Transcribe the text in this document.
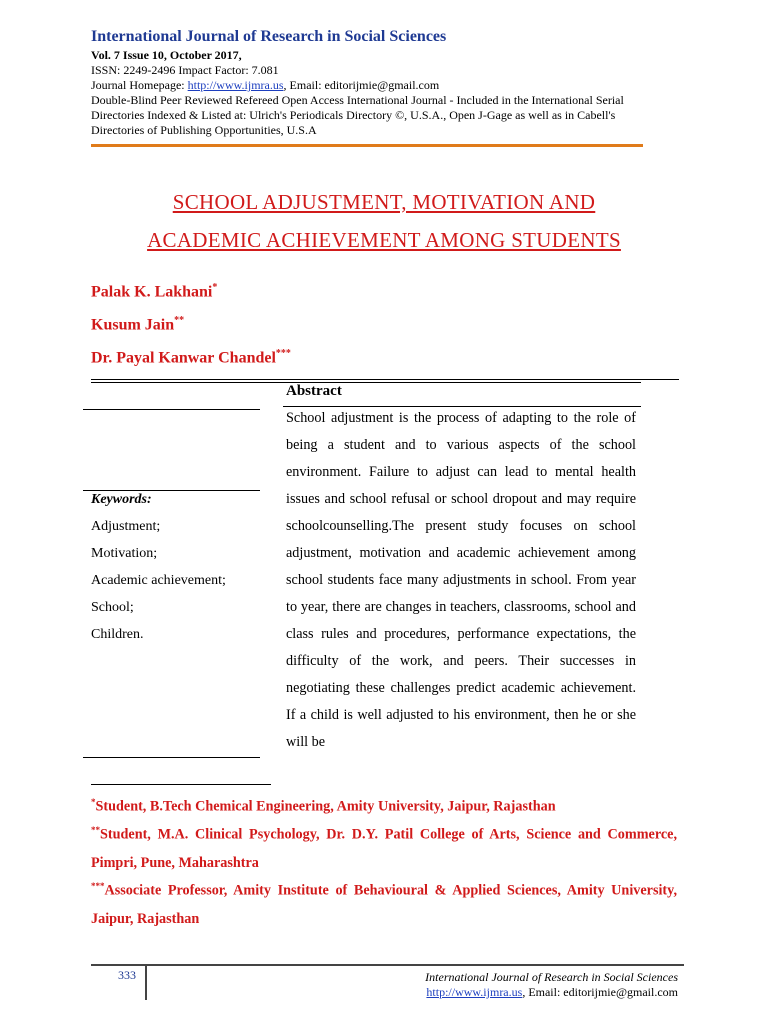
International Journal of Research in Social Sciences
Vol. 7 Issue 10, October 2017,
ISSN: 2249-2496 Impact Factor: 7.081
Journal Homepage: http://www.ijmra.us, Email: editorijmie@gmail.com
Double-Blind Peer Reviewed Refereed Open Access International Journal - Included in the International Serial
Directories Indexed & Listed at: Ulrich's Periodicals Directory ©, U.S.A., Open J-Gage as well as in Cabell's
Directories of Publishing Opportunities, U.S.A
SCHOOL ADJUSTMENT, MOTIVATION AND
ACADEMIC ACHIEVEMENT AMONG STUDENTS
Palak K. Lakhani*
Kusum Jain**
Dr. Payal Kanwar Chandel***
Abstract
School adjustment is the process of adapting to the role of being a student and to various aspects of the school environment. Failure to adjust can lead to mental health issues and school refusal or school dropout and may require schoolcounselling.The present study focuses on school adjustment, motivation and academic achievement among school students face many adjustments in school. From year to year, there are changes in teachers, classrooms, school and class rules and procedures, performance expectations, the difficulty of the work, and peers. Their successes in negotiating these challenges predict academic achievement. If a child is well adjusted to his environment, then he or she will be
Keywords:
Adjustment;
Motivation;
Academic achievement;
School;
Children.
*Student, B.Tech Chemical Engineering, Amity University, Jaipur, Rajasthan
**Student, M.A. Clinical Psychology, Dr. D.Y. Patil College of Arts, Science and Commerce, Pimpri, Pune, Maharashtra
***Associate Professor, Amity Institute of Behavioural & Applied Sciences, Amity University, Jaipur, Rajasthan
333	International Journal of Research in Social Sciences
http://www.ijmra.us, Email: editorijmie@gmail.com
